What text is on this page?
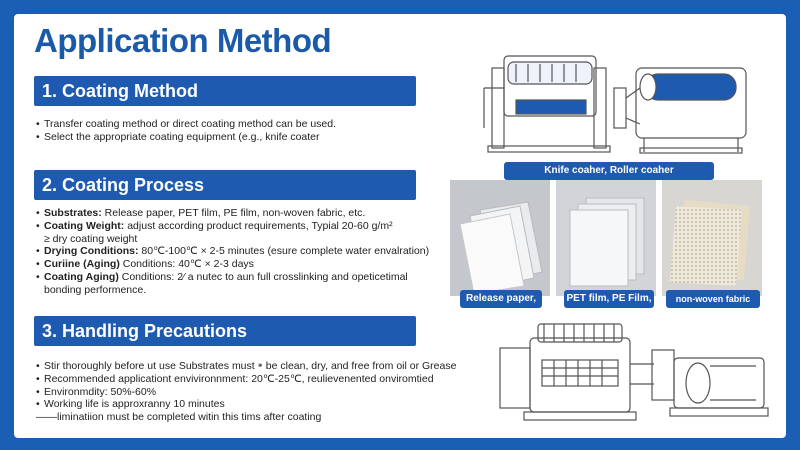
Application Method
1. Coating Method
• Transfer coating method or direct coating method can be used.
• Select the appropriate coating equipment (e.g., knife coater
2. Coating Process
• Substrates: Release paper, PET film, PE film, non-woven fabric, etc.
• Coating Weight: adjust according product requirements, Typial 20-60 g/m²
≥ dry coating weight
• Drying Conditions: 80℃-100℃ × 2-5 minutes (esure complete water envalration)
• Curiine (Aging) Conditions: 40℃ × 2-3 days
• Coating Aging) Conditions: 2⁄ a nutec to aun full crosslinking and opeticetimal
bonding performence.
3. Handling Precautions
• Stir thoroughly before ut use Substrates must ⁍ be clean, dry, and free from oil or Grease
• Recommended applicationt envivironnment: 20℃-25℃, reulievenented onviromtied
• Environmdity: 50%-60%
• Working life is approxranny 10 minutes
——liminatiion must be completed witin this tims after coating
Knife coaher, Roller coaher
Release paper,	PET film, PE Film,	non-woven fabric
